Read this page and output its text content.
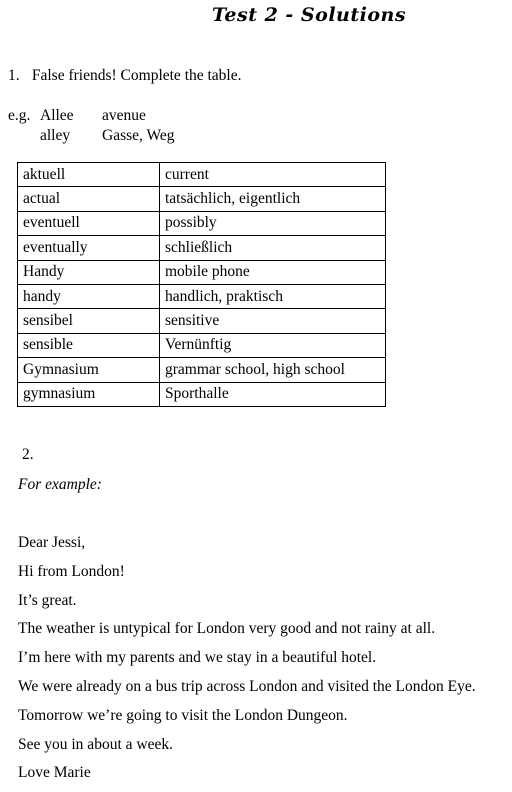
Test 2 - Solutions
1. False friends! Complete the table.
e.g. Allee avenue
alley Gasse, Weg
aktuell	current
actual	tatsächlich, eigentlich
eventuell	possibly
eventually	schließlich
Handy	mobile phone
handy	handlich, praktisch
sensibel	sensitive
sensible	Vernünftig
Gymnasium	grammar school, high school
gymnasium	Sporthalle
2.
For example:
Dear Jessi,
Hi from London!
It’s great.
The weather is untypical for London very good and not rainy at all.
I’m here with my parents and we stay in a beautiful hotel.
We were already on a bus trip across London and visited the London Eye.
Tomorrow we’re going to visit the London Dungeon.
See you in about a week.
Love Marie
